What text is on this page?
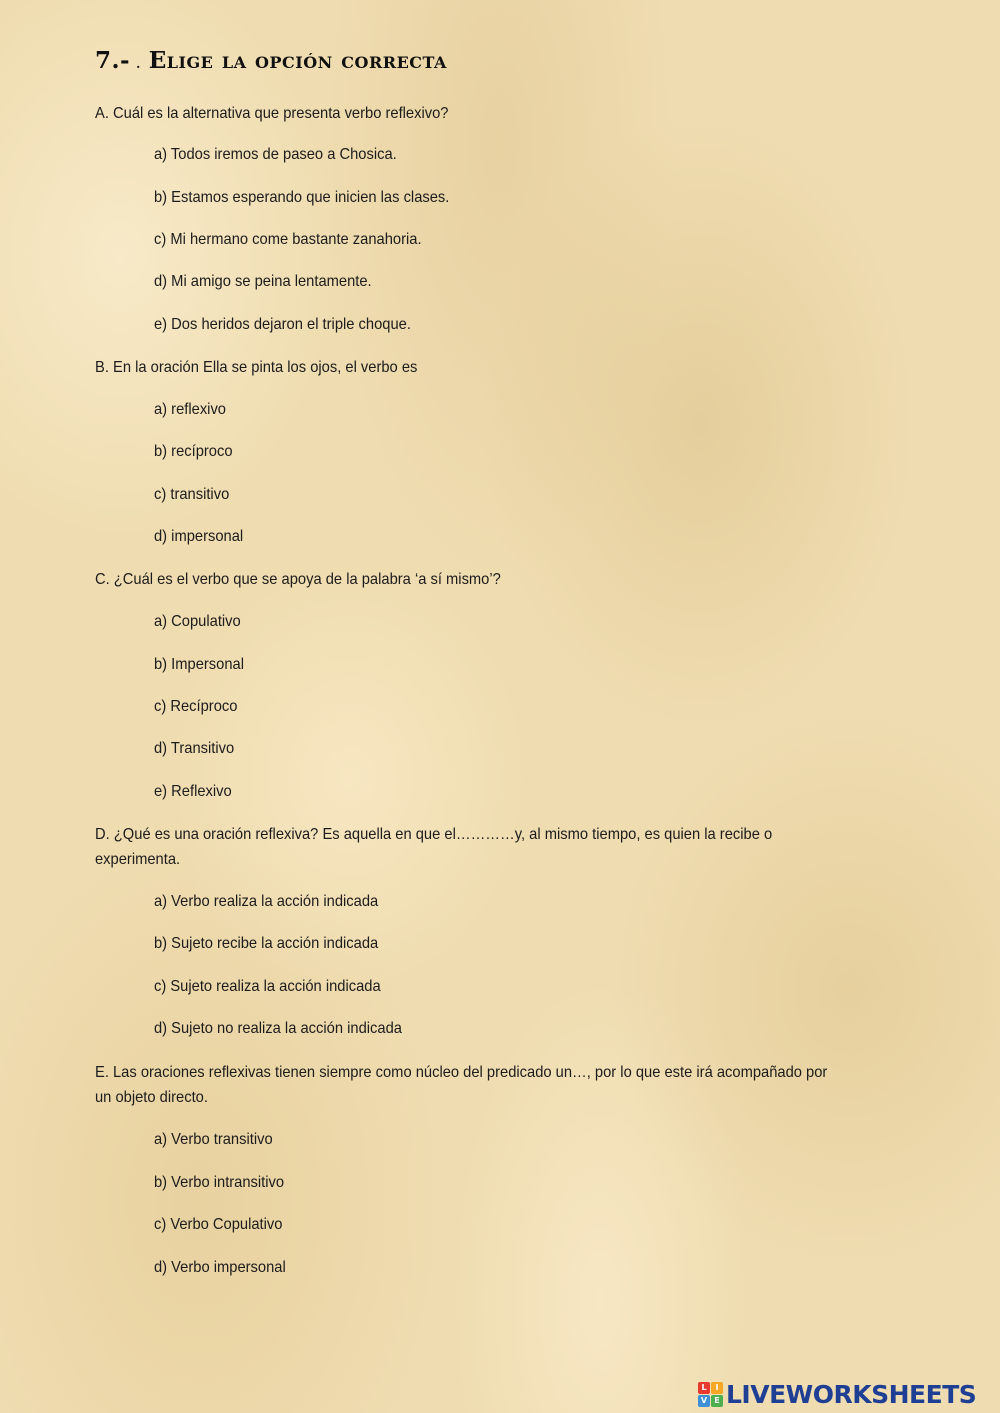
7.- . Elige la opción correcta
A. Cuál es la alternativa que presenta verbo reflexivo?
a) Todos iremos de paseo a Chosica.
b) Estamos esperando que inicien las clases.
c) Mi hermano come bastante zanahoria.
d) Mi amigo se peina lentamente.
e) Dos heridos dejaron el triple choque.
B. En la oración Ella se pinta los ojos, el verbo es
a) reflexivo
b) recíproco
c) transitivo
d) impersonal
C. ¿Cuál es el verbo que se apoya de la palabra ‘a sí mismo’?
a) Copulativo
b) Impersonal
c) Recíproco
d) Transitivo
e) Reflexivo
D. ¿Qué es una oración reflexiva? Es aquella en que el…………y, al mismo tiempo, es quien la recibe o experimenta.
a) Verbo realiza la acción indicada
b) Sujeto recibe la acción indicada
c) Sujeto realiza la acción indicada
d) Sujeto no realiza la acción indicada
E. Las oraciones reflexivas tienen siempre como núcleo del predicado un…, por lo que este irá acompañado por un objeto directo.
a) Verbo transitivo
b) Verbo intransitivo
c) Verbo Copulativo
d) Verbo impersonal
L	I
V E LIVEWORKSHEETS
